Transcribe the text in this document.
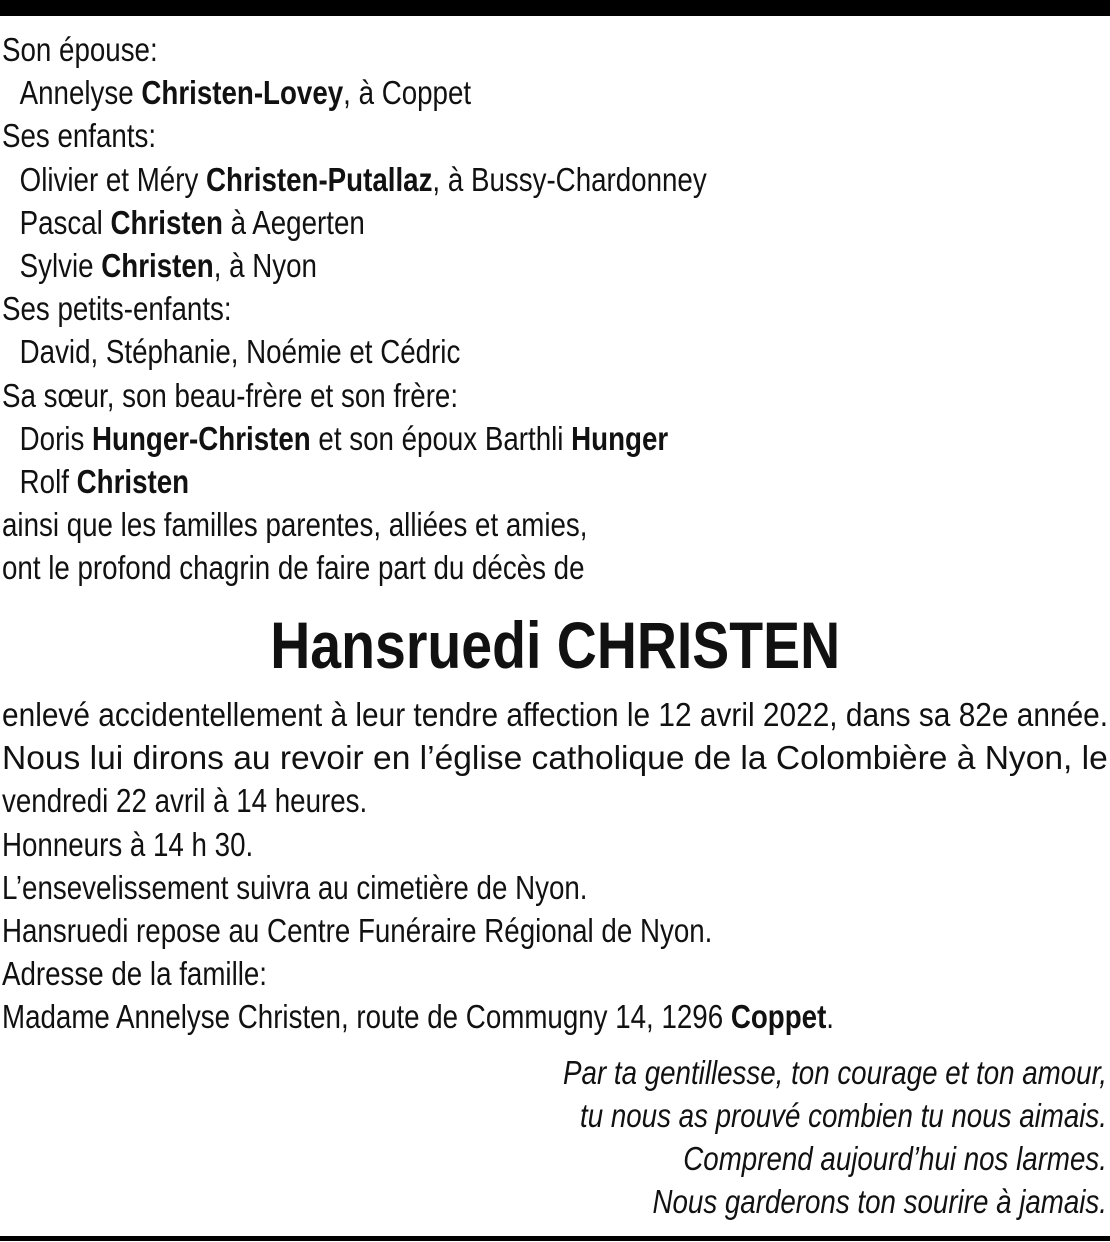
Son épouse:
Annelyse Christen-Lovey, à Coppet
Ses enfants:
Olivier et Méry Christen-Putallaz, à Bussy-Chardonney
Pascal Christen à Aegerten
Sylvie Christen, à Nyon
Ses petits-enfants:
David, Stéphanie, Noémie et Cédric
Sa sœur, son beau-frère et son frère:
Doris Hunger-Christen et son époux Barthli Hunger
Rolf Christen
ainsi que les familles parentes, alliées et amies,
ont le profond chagrin de faire part du décès de
Hansruedi CHRISTEN
enlevé accidentellement à leur tendre affection le 12 avril 2022, dans sa 82e année.
Nous lui dirons au revoir en l’église catholique de la Colombière à Nyon, le
vendredi 22 avril à 14 heures.
Honneurs à 14 h 30.
L’ensevelissement suivra au cimetière de Nyon.
Hansruedi repose au Centre Funéraire Régional de Nyon.
Adresse de la famille:
Madame Annelyse Christen, route de Commugny 14, 1296 Coppet.
Par ta gentillesse, ton courage et ton amour,
tu nous as prouvé combien tu nous aimais.
Comprend aujourd’hui nos larmes.
Nous garderons ton sourire à jamais.
